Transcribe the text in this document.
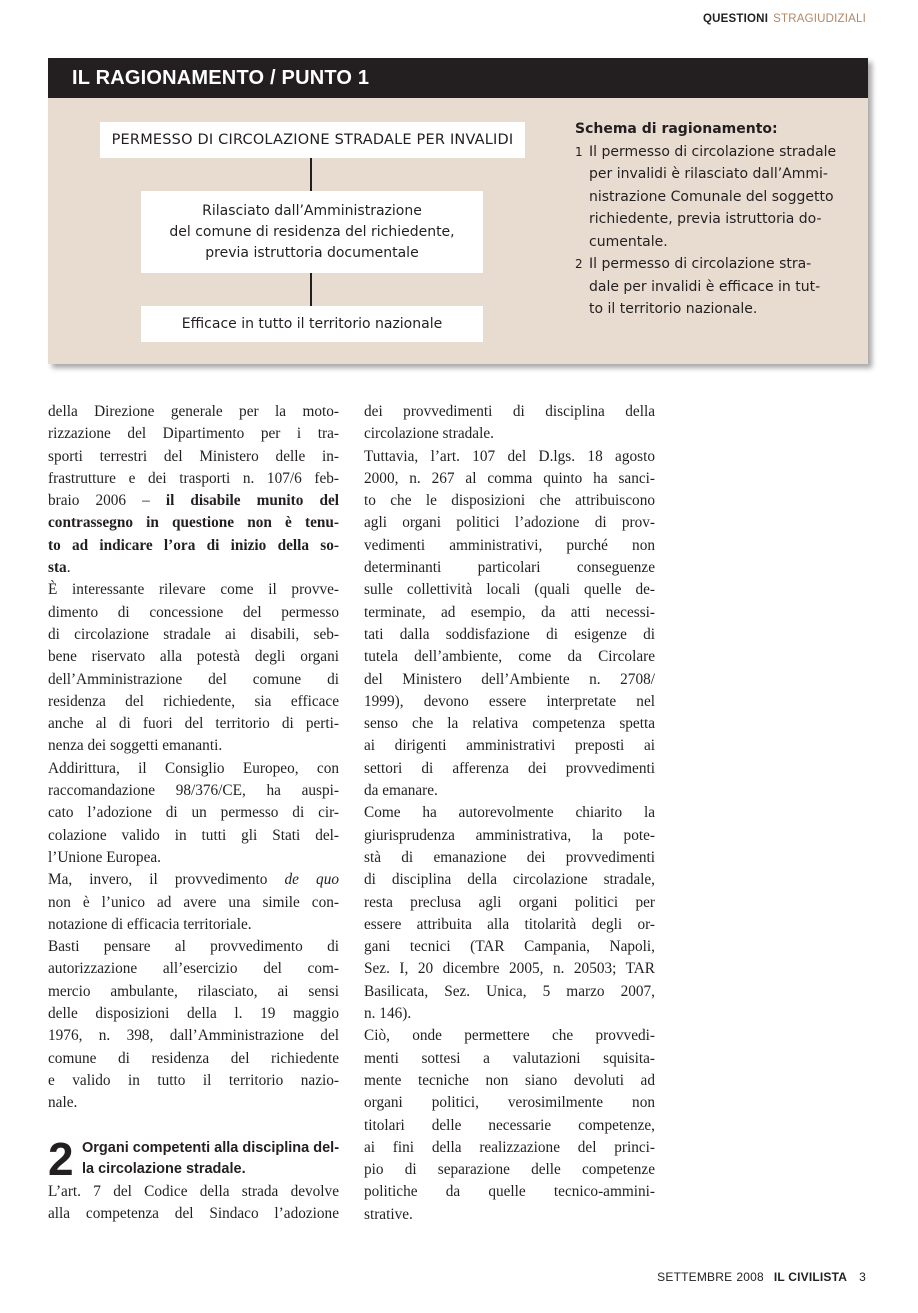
QUESTIONI STRAGIUDIZIALI
IL RAGIONAMENTO / PUNTO 1
PERMESSO DI CIRCOLAZIONE STRADALE PER INVALIDI
Rilasciato dall’Amministrazione
del comune di residenza del richiedente,
previa istruttoria documentale
Efficace in tutto il territorio nazionale
Schema di ragionamento:
1 Il permesso di circolazione stradale
per invalidi è rilasciato dall’Ammi-
nistrazione Comunale del soggetto
richiedente, previa istruttoria do-
cumentale.
2 Il permesso di circolazione stra-
dale per invalidi è efficace in tut-
to il territorio nazionale.
della Direzione generale per la moto-
rizzazione del Dipartimento per i tra-
sporti terrestri del Ministero delle in-
frastrutture e dei trasporti n. 107/6 feb-
braio 2006 – il disabile munito del
contrassegno in questione non è tenu-
to ad indicare l’ora di inizio della so-
sta.
È interessante rilevare come il provve-
dimento di concessione del permesso
di circolazione stradale ai disabili, seb-
bene riservato alla potestà degli organi
dell’Amministrazione del comune di
residenza del richiedente, sia efficace
anche al di fuori del territorio di perti-
nenza dei soggetti emananti.
Addirittura, il Consiglio Europeo, con
raccomandazione 98/376/CE, ha auspi-
cato l’adozione di un permesso di cir-
colazione valido in tutti gli Stati del-
l’Unione Europea.
Ma, invero, il provvedimento de quo
non è l’unico ad avere una simile con-
notazione di efficacia territoriale.
Basti pensare al provvedimento di
autorizzazione all’esercizio del com-
mercio ambulante, rilasciato, ai sensi
delle disposizioni della l. 19 maggio
1976, n. 398, dall’Amministrazione del
comune di residenza del richiedente
e valido in tutto il territorio nazio-
nale.
2 Organi competenti alla disciplina del-
la circolazione stradale.
L’art. 7 del Codice della strada devolve
alla competenza del Sindaco l’adozione
dei provvedimenti di disciplina della
circolazione stradale.
Tuttavia, l’art. 107 del D.lgs. 18 agosto
2000, n. 267 al comma quinto ha sanci-
to che le disposizioni che attribuiscono
agli organi politici l’adozione di prov-
vedimenti amministrativi, purché non
determinanti particolari conseguenze
sulle collettività locali (quali quelle de-
terminate, ad esempio, da atti necessi-
tati dalla soddisfazione di esigenze di
tutela dell’ambiente, come da Circolare
del Ministero dell’Ambiente n. 2708/
1999), devono essere interpretate nel
senso che la relativa competenza spetta
ai dirigenti amministrativi preposti ai
settori di afferenza dei provvedimenti
da emanare.
Come ha autorevolmente chiarito la
giurisprudenza amministrativa, la pote-
stà di emanazione dei provvedimenti
di disciplina della circolazione stradale,
resta preclusa agli organi politici per
essere attribuita alla titolarità degli or-
gani tecnici (TAR Campania, Napoli,
Sez. I, 20 dicembre 2005, n. 20503; TAR
Basilicata, Sez. Unica, 5 marzo 2007,
n. 146).
Ciò, onde permettere che provvedi-
menti sottesi a valutazioni squisita-
mente tecniche non siano devoluti ad
organi politici, verosimilmente non
titolari delle necessarie competenze,
ai fini della realizzazione del princi-
pio di separazione delle competenze
politiche da quelle tecnico-ammini-
strative.
SETTEMBRE 2008 IL CIVILISTA 3
